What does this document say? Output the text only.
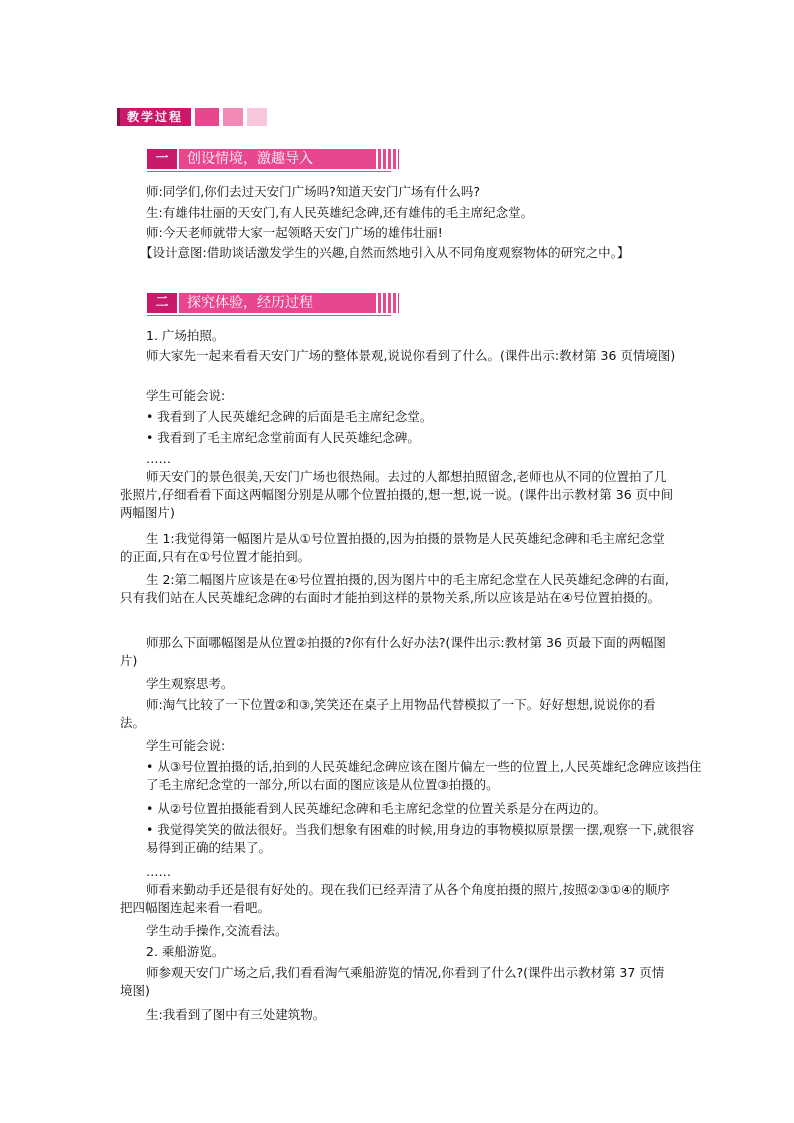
教学过程
一	创设情境，激趣导入

师:同学们,你们去过天安门广场吗?知道天安门广场有什么吗?

生:有雄伟壮丽的天安门,有人民英雄纪念碑,还有雄伟的毛主席纪念堂。

师:今天老师就带大家一起领略天安门广场的雄伟壮丽!

【设计意图:借助谈话激发学生的兴趣,自然而然地引入从不同角度观察物体的研究之中。】

二	探究体验，经历过程

1. 广场拍照。

师大家先一起来看看天安门广场的整体景观,说说你看到了什么。(课件出示:教材第 36 页情境图)

学生可能会说:

• 我看到了人民英雄纪念碑的后面是毛主席纪念堂。

• 我看到了毛主席纪念堂前面有人民英雄纪念碑。

……

师天安门的景色很美,天安门广场也很热闹。去过的人都想拍照留念,老师也从不同的位置拍了几张照片,仔细看看下面这两幅图分别是从哪个位置拍摄的,想一想,说一说。(课件出示教材第 36 页中间两幅图片)

生 1:我觉得第一幅图片是从①号位置拍摄的,因为拍摄的景物是人民英雄纪念碑和毛主席纪念堂的正面,只有在①号位置才能拍到。

生 2:第二幅图片应该是在④号位置拍摄的,因为图片中的毛主席纪念堂在人民英雄纪念碑的右面,只有我们站在人民英雄纪念碑的右面时才能拍到这样的景物关系,所以应该是站在④号位置拍摄的。

师那么下面哪幅图是从位置②拍摄的?你有什么好办法?(课件出示:教材第 36 页最下面的两幅图片)

学生观察思考。

师:淘气比较了一下位置②和③,笑笑还在桌子上用物品代替模拟了一下。好好想想,说说你的看法。

学生可能会说:

• 从③号位置拍摄的话,拍到的人民英雄纪念碑应该在图片偏左一些的位置上,人民英雄纪念碑应该挡住了毛主席纪念堂的一部分,所以右面的图应该是从位置③拍摄的。

• 从②号位置拍摄能看到人民英雄纪念碑和毛主席纪念堂的位置关系是分在两边的。

• 我觉得笑笑的做法很好。当我们想象有困难的时候,用身边的事物模拟原景摆一摆,观察一下,就很容易得到正确的结果了。

……

师看来勤动手还是很有好处的。现在我们已经弄清了从各个角度拍摄的照片,按照②③①④的顺序把四幅图连起来看一看吧。

学生动手操作,交流看法。

2. 乘船游览。

师参观天安门广场之后,我们看看淘气乘船游览的情况,你看到了什么?(课件出示教材第 37 页情境图)

生:我看到了图中有三处建筑物。
